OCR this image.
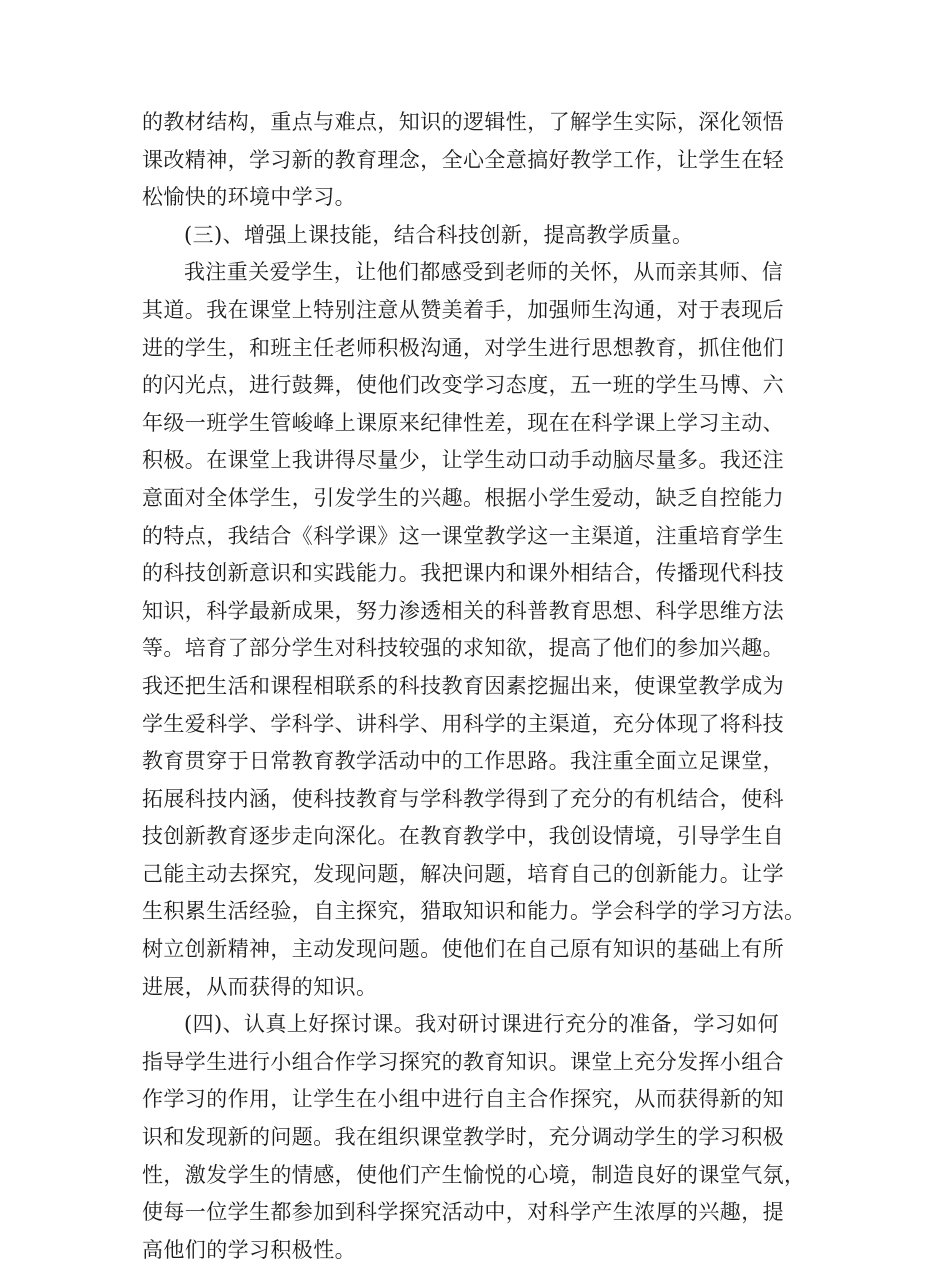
的教材结构，重点与难点，知识的逻辑性，了解学生实际，深化领悟
课改精神，学习新的教育理念，全心全意搞好教学工作，让学生在轻
松愉快的环境中学习。
(三)、增强上课技能，结合科技创新，提高教学质量。
我注重关爱学生，让他们都感受到老师的关怀，从而亲其师、信
其道。我在课堂上特别注意从赞美着手，加强师生沟通，对于表现后
进的学生，和班主任老师积极沟通，对学生进行思想教育，抓住他们
的闪光点，进行鼓舞，使他们改变学习态度，五一班的学生马博、六
年级一班学生管峻峰上课原来纪律性差，现在在科学课上学习主动、
积极。在课堂上我讲得尽量少，让学生动口动手动脑尽量多。我还注
意面对全体学生，引发学生的兴趣。根据小学生爱动，缺乏自控能力
的特点，我结合《科学课》这一课堂教学这一主渠道，注重培育学生
的科技创新意识和实践能力。我把课内和课外相结合，传播现代科技
知识，科学最新成果，努力渗透相关的科普教育思想、科学思维方法
等。培育了部分学生对科技较强的求知欲，提高了他们的参加兴趣。
我还把生活和课程相联系的科技教育因素挖掘出来，使课堂教学成为
学生爱科学、学科学、讲科学、用科学的主渠道，充分体现了将科技
教育贯穿于日常教育教学活动中的工作思路。我注重全面立足课堂，
拓展科技内涵，使科技教育与学科教学得到了充分的有机结合，使科
技创新教育逐步走向深化。在教育教学中，我创设情境，引导学生自
己能主动去探究，发现问题，解决问题，培育自己的创新能力。让学
生积累生活经验，自主探究，猎取知识和能力。学会科学的学习方法。
树立创新精神，主动发现问题。使他们在自己原有知识的基础上有所
进展，从而获得的知识。
(四)、认真上好探讨课。我对研讨课进行充分的准备，学习如何
指导学生进行小组合作学习探究的教育知识。课堂上充分发挥小组合
作学习的作用，让学生在小组中进行自主合作探究，从而获得新的知
识和发现新的问题。我在组织课堂教学时，充分调动学生的学习积极
性，激发学生的情感，使他们产生愉悦的心境，制造良好的课堂气氛，
使每一位学生都参加到科学探究活动中，对科学产生浓厚的兴趣，提
高他们的学习积极性。
